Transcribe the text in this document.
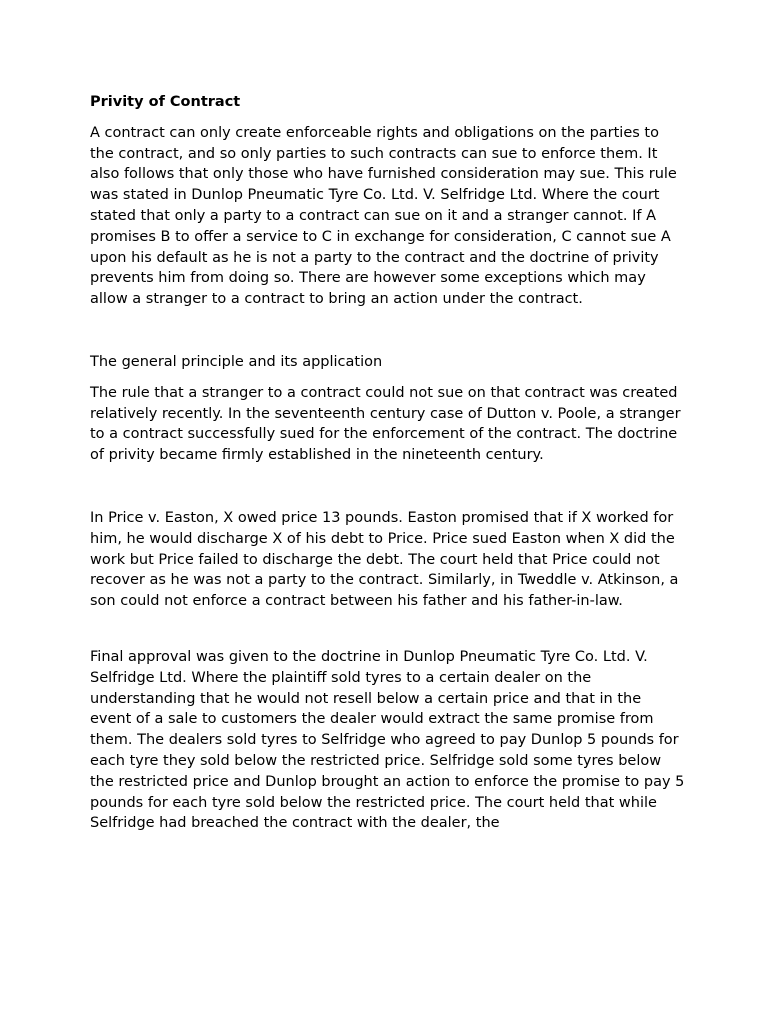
Privity of Contract

A contract can only create enforceable rights and obligations on the parties to the contract, and so only parties to such contracts can sue to enforce them. It also follows that only those who have furnished consideration may sue. This rule was stated in Dunlop Pneumatic Tyre Co. Ltd. V. Selfridge Ltd. Where the court stated that only a party to a contract can sue on it and a stranger cannot. If A promises B to offer a service to C in exchange for consideration, C cannot sue A upon his default as he is not a party to the contract and the doctrine of privity prevents him from doing so. There are however some exceptions which may allow a stranger to a contract to bring an action under the contract.

The general principle and its application

The rule that a stranger to a contract could not sue on that contract was created relatively recently. In the seventeenth century case of Dutton v. Poole, a stranger to a contract successfully sued for the enforcement of the contract. The doctrine of privity became firmly established in the nineteenth century.

In Price v. Easton, X owed price 13 pounds. Easton promised that if X worked for him, he would discharge X of his debt to Price. Price sued Easton when X did the work but Price failed to discharge the debt. The court held that Price could not recover as he was not a party to the contract. Similarly, in Tweddle v. Atkinson, a son could not enforce a contract between his father and his father-in-law.

Final approval was given to the doctrine in Dunlop Pneumatic Tyre Co. Ltd. V. Selfridge Ltd. Where the plaintiff sold tyres to a certain dealer on the understanding that he would not resell below a certain price and that in the event of a sale to customers the dealer would extract the same promise from them. The dealers sold tyres to Selfridge who agreed to pay Dunlop 5 pounds for each tyre they sold below the restricted price. Selfridge sold some tyres below the restricted price and Dunlop brought an action to enforce the promise to pay 5 pounds for each tyre sold below the restricted price. The court held that while Selfridge had breached the contract with the dealer, the
